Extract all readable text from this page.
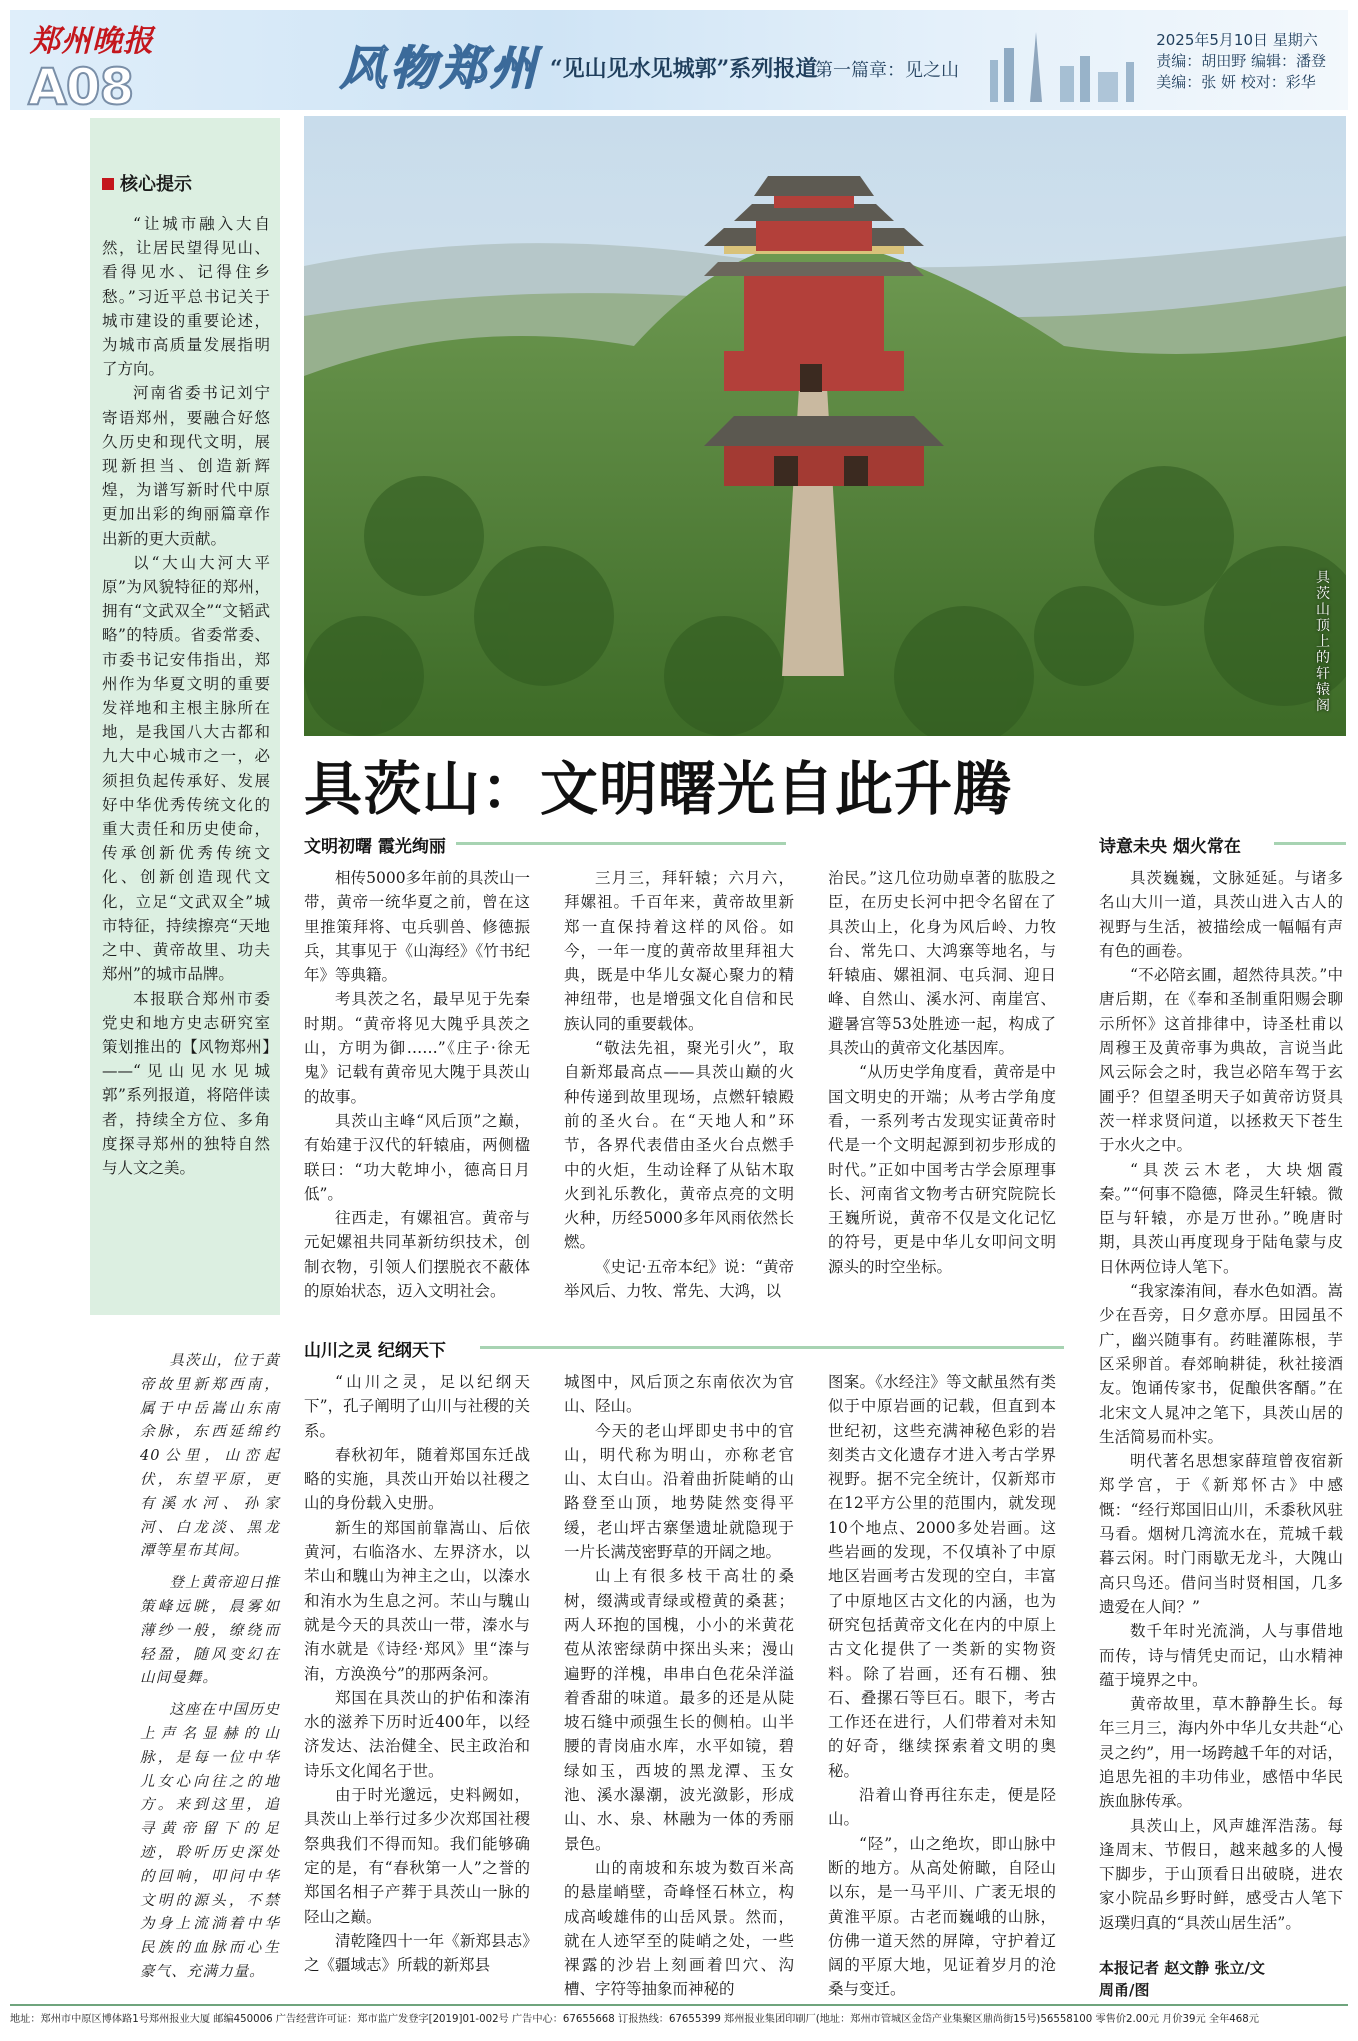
郑州晚报
A08	风物郑州 “见山见水见城郭”系列报道
第一篇章：见之山
2025年5月10日 星期六
责编：胡田野 编辑：潘登
美编：张 妍 校对：彩华
核心提示

“让城市融入大自然，让居民望得见山、看得见水、记得住乡愁。”习近平总书记关于城市建设的重要论述，为城市高质量发展指明了方向。

河南省委书记刘宁寄语郑州，要融合好悠久历史和现代文明，展现新担当、创造新辉煌，为谱写新时代中原更加出彩的绚丽篇章作出新的更大贡献。

以“大山大河大平原”为风貌特征的郑州，拥有“文武双全”“文韬武略”的特质。省委常委、市委书记安伟指出，郑州作为华夏文明的重要发祥地和主根主脉所在地，是我国八大古都和九大中心城市之一，必须担负起传承好、发展好中华优秀传统文化的重大责任和历史使命，传承创新优秀传统文化、创新创造现代文化，立足“文武双全”城市特征，持续擦亮“天地之中、黄帝故里、功夫郑州”的城市品牌。

本报联合郑州市委党史和地方史志研究室策划推出的【风物郑州】——“见山见水见城郭”系列报道，将陪伴读者，持续全方位、多角度探寻郑州的独特自然与人文之美。

具茨山顶上的轩辕阁
具茨山：文明曙光自此升腾
文明初曙 霞光绚丽	诗意未央 烟火常在
山川之灵 纪纲天下

相传5000多年前的具茨山一带，黄帝一统华夏之前，曾在这里推策拜将、屯兵驯兽、修德振兵，其事见于《山海经》《竹书纪年》等典籍。

考具茨之名，最早见于先秦时期。“黄帝将见大隗乎具茨之山，方明为御……”《庄子·徐无鬼》记载有黄帝见大隗于具茨山的故事。

具茨山主峰“风后顶”之巅，有始建于汉代的轩辕庙，两侧楹联曰：“功大乾坤小，德高日月低”。

往西走，有嫘祖宫。黄帝与元妃嫘祖共同革新纺织技术，创制衣物，引领人们摆脱衣不蔽体的原始状态，迈入文明社会。

三月三，拜轩辕；六月六，拜嫘祖。千百年来，黄帝故里新郑一直保持着这样的风俗。如今，一年一度的黄帝故里拜祖大典，既是中华儿女凝心聚力的精神纽带，也是增强文化自信和民族认同的重要载体。

“敬法先祖，聚光引火”，取自新郑最高点——具茨山巅的火种传递到故里现场，点燃轩辕殿前的圣火台。在“天地人和”环节，各界代表借由圣火台点燃手中的火炬，生动诠释了从钻木取火到礼乐教化，黄帝点亮的文明火种，历经5000多年风雨依然长燃。

《史记·五帝本纪》说：“黄帝举风后、力牧、常先、大鸿，以

治民。”这几位功勋卓著的肱股之臣，在历史长河中把令名留在了具茨山上，化身为风后岭、力牧台、常先口、大鸿寨等地名，与轩辕庙、嫘祖洞、屯兵洞、迎日峰、自然山、溪水河、南崖宫、避暑宫等53处胜迹一起，构成了具茨山的黄帝文化基因库。

“从历史学角度看，黄帝是中国文明史的开端；从考古学角度看，一系列考古发现实证黄帝时代是一个文明起源到初步形成的时代。”正如中国考古学会原理事长、河南省文物考古研究院院长王巍所说，黄帝不仅是文化记忆的符号，更是中华儿女叩问文明源头的时空坐标。

具茨巍巍，文脉延延。与诸多名山大川一道，具茨山进入古人的视野与生活，被描绘成一幅幅有声有色的画卷。

“不必陪玄圃，超然待具茨。”中唐后期，在《奉和圣制重阳赐会聊示所怀》这首排律中，诗圣杜甫以周穆王及黄帝事为典故，言说当此风云际会之时，我岂必陪车驾于玄圃乎？但望圣明天子如黄帝访贤具茨一样求贤问道，以拯救天下苍生于水火之中。

“具茨云木老，大块烟霞秦。”“何事不隐德，降灵生轩辕。微臣与轩辕，亦是万世孙。”晚唐时期，具茨山再度现身于陆龟蒙与皮日休两位诗人笔下。

“我家溱洧间，春水色如酒。嵩少在吾旁，日夕意亦厚。田园虽不广，幽兴随事有。药畦灌陈根，芋区采卵首。春郊晌耕徒，秋社接酒友。饱诵传家书，促酿供客醑。”在北宋文人晁冲之笔下，具茨山居的生活简易而朴实。

明代著名思想家薛瑄曾夜宿新郑学宫，于《新郑怀古》中感慨：“经行郑国旧山川，禾黍秋风驻马看。烟树几湾流水在，荒城千载暮云闲。时门雨歇无龙斗，大隗山高只鸟还。借问当时贤相国，几多遗爱在人间？”

数千年时光流淌，人与事借地而传，诗与情凭史而记，山水精神蕴于境界之中。

黄帝故里，草木静静生长。每年三月三，海内外中华儿女共赴“心灵之约”，用一场跨越千年的对话，追思先祖的丰功伟业，感悟中华民族血脉传承。

具茨山上，风声雄浑浩荡。每逢周末、节假日，越来越多的人慢下脚步，于山顶看日出破晓，进农家小院品乡野时鲜，感受古人笔下返璞归真的“具茨山居生活”。

“山川之灵，足以纪纲天下”，孔子阐明了山川与社稷的关系。

春秋初年，随着郑国东迁战略的实施，具茨山开始以社稷之山的身份载入史册。

新生的郑国前靠嵩山、后依黄河，右临洛水、左界济水，以芣山和騩山为神主之山，以溱水和洧水为生息之河。芣山与騩山就是今天的具茨山一带，溱水与洧水就是《诗经·郑风》里“溱与洧，方涣涣兮”的那两条河。

郑国在具茨山的护佑和溱洧水的滋养下历时近400年，以经济发达、法治健全、民主政治和诗乐文化闻名于世。

由于时光邈远，史料阙如，具茨山上举行过多少次郑国社稷祭典我们不得而知。我们能够确定的是，有“春秋第一人”之誉的郑国名相子产葬于具茨山一脉的陉山之巅。

清乾隆四十一年《新郑县志》之《疆域志》所载的新郑县

城图中，风后顶之东南依次为官山、陉山。

今天的老山坪即史书中的官山，明代称为明山，亦称老官山、太白山。沿着曲折陡峭的山路登至山顶，地势陡然变得平缓，老山坪古寨堡遗址就隐现于一片长满茂密野草的开阔之地。

山上有很多枝干高壮的桑树，缀满或青绿或橙黄的桑葚；两人环抱的国槐，小小的米黄花苞从浓密绿荫中探出头来；漫山遍野的洋槐，串串白色花朵洋溢着香甜的味道。最多的还是从陡坡石缝中顽强生长的侧柏。山半腰的青岗庙水库，水平如镜，碧绿如玉，西坡的黑龙潭、玉女池、溪水瀑潮，波光潋影，形成山、水、泉、林融为一体的秀丽景色。

山的南坡和东坡为数百米高的悬崖峭壁，奇峰怪石林立，构成高峻雄伟的山岳风景。然而，就在人迹罕至的陡峭之处，一些裸露的沙岩上刻画着凹穴、沟槽、字符等抽象而神秘的

图案。《水经注》等文献虽然有类似于中原岩画的记载，但直到本世纪初，这些充满神秘色彩的岩刻类古文化遗存才进入考古学界视野。据不完全统计，仅新郑市在12平方公里的范围内，就发现10个地点、2000多处岩画。这些岩画的发现，不仅填补了中原地区岩画考古发现的空白，丰富了中原地区古文化的内涵，也为研究包括黄帝文化在内的中原上古文化提供了一类新的实物资料。除了岩画，还有石棚、独石、叠摞石等巨石。眼下，考古工作还在进行，人们带着对未知的好奇，继续探索着文明的奥秘。

沿着山脊再往东走，便是陉山。

“陉”，山之绝坎，即山脉中断的地方。从高处俯瞰，自陉山以东，是一马平川、广袤无垠的黄淮平原。古老而巍峨的山脉，仿佛一道天然的屏障，守护着辽阔的平原大地，见证着岁月的沧桑与变迁。

具茨山，位于黄帝故里新郑西南，属于中岳嵩山东南余脉，东西延绵约40公里，山峦起伏，东望平原，更有溪水河、孙家河、白龙淡、黑龙潭等星布其间。

登上黄帝迎日推策峰远眺，晨雾如薄纱一般，缭绕而轻盈，随风变幻在山间曼舞。

这座在中国历史上声名显赫的山脉，是每一位中华儿女心向往之的地方。来到这里，追寻黄帝留下的足迹，聆听历史深处的回响，叩问中华文明的源头，不禁为身上流淌着中华民族的血脉而心生豪气、充满力量。	本报记者 赵文静 张立/文
周甬/图
地址：郑州市中原区博体路1号郑州报业大厦 邮编450006 广告经营许可证：郑市监广发登字[2019]01-002号 广告中心：67655668 订报热线：67655399 郑州报业集团印刷厂(地址：郑州市管城区金岱产业集聚区鼎尚街15号)56558100 零售价2.00元 月价39元 全年468元
